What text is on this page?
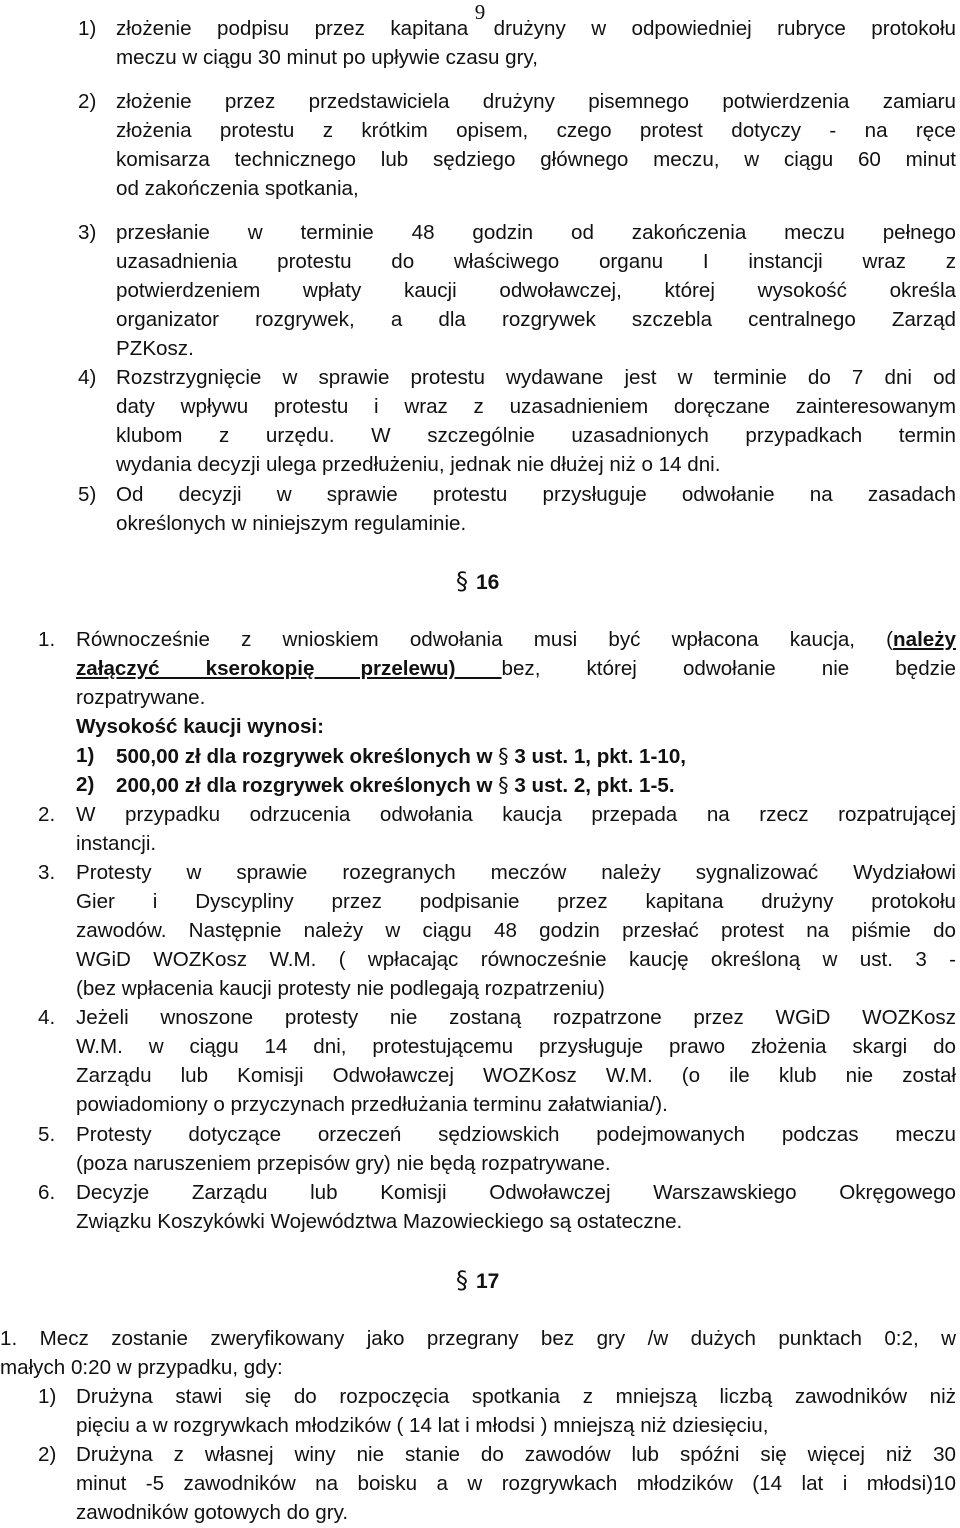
9
1) złożenie podpisu przez kapitana drużyny w odpowiedniej rubryce protokołu
meczu w ciągu 30 minut po upływie czasu gry,
2) złożenie przez przedstawiciela drużyny pisemnego potwierdzenia zamiaru
złożenia protestu z krótkim opisem, czego protest dotyczy - na ręce
komisarza technicznego lub sędziego głównego meczu, w ciągu 60 minut
od zakończenia spotkania,
3) przesłanie w terminie 48 godzin od zakończenia meczu pełnego
uzasadnienia protestu do właściwego organu I instancji wraz z
potwierdzeniem wpłaty kaucji odwoławczej, której wysokość określa
organizator rozgrywek, a dla rozgrywek szczebla centralnego Zarząd
PZKosz.
4) Rozstrzygnięcie w sprawie protestu wydawane jest w terminie do 7 dni od
daty wpływu protestu i wraz z uzasadnieniem doręczane zainteresowanym
klubom z urzędu. W szczególnie uzasadnionych przypadkach termin
wydania decyzji ulega przedłużeniu, jednak nie dłużej niż o 14 dni.
5) Od decyzji w sprawie protestu przysługuje odwołanie na zasadach
określonych w niniejszym regulaminie.
§ 16
1. Równocześnie z wnioskiem odwołania musi być wpłacona kaucja, (należy
załączyć kserokopię przelewu) bez, której odwołanie nie będzie
rozpatrywane.
Wysokość kaucji wynosi:
1) 500,00 zł dla rozgrywek określonych w § 3 ust. 1, pkt. 1-10,
2) 200,00 zł dla rozgrywek określonych w § 3 ust. 2, pkt. 1-5.
2. W przypadku odrzucenia odwołania kaucja przepada na rzecz rozpatrującej
instancji.
3. Protesty w sprawie rozegranych meczów należy sygnalizować Wydziałowi
Gier i Dyscypliny przez podpisanie przez kapitana drużyny protokołu
zawodów. Następnie należy w ciągu 48 godzin przesłać protest na piśmie do
WGiD WOZKosz W.M. ( wpłacając równocześnie kaucję określoną w ust. 3 -
(bez wpłacenia kaucji protesty nie podlegają rozpatrzeniu)
4. Jeżeli wnoszone protesty nie zostaną rozpatrzone przez WGiD WOZKosz
W.M. w ciągu 14 dni, protestującemu przysługuje prawo złożenia skargi do
Zarządu lub Komisji Odwoławczej WOZKosz W.M. (o ile klub nie został
powiadomiony o przyczynach przedłużania terminu załatwiania/).
5. Protesty dotyczące orzeczeń sędziowskich podejmowanych podczas meczu
(poza naruszeniem przepisów gry) nie będą rozpatrywane.
6. Decyzje Zarządu lub Komisji Odwoławczej Warszawskiego Okręgowego
Związku Koszykówki Województwa Mazowieckiego są ostateczne.
§ 17
1. Mecz zostanie zweryfikowany jako przegrany bez gry /w dużych punktach 0:2, w
małych 0:20 w przypadku, gdy:
1) Drużyna stawi się do rozpoczęcia spotkania z mniejszą liczbą zawodników niż
pięciu a w rozgrywkach młodzików ( 14 lat i młodsi ) mniejszą niż dziesięciu,
2) Drużyna z własnej winy nie stanie do zawodów lub spóźni się więcej niż 30
minut -5 zawodników na boisku a w rozgrywkach młodzików (14 lat i młodsi)10
zawodników gotowych do gry.
